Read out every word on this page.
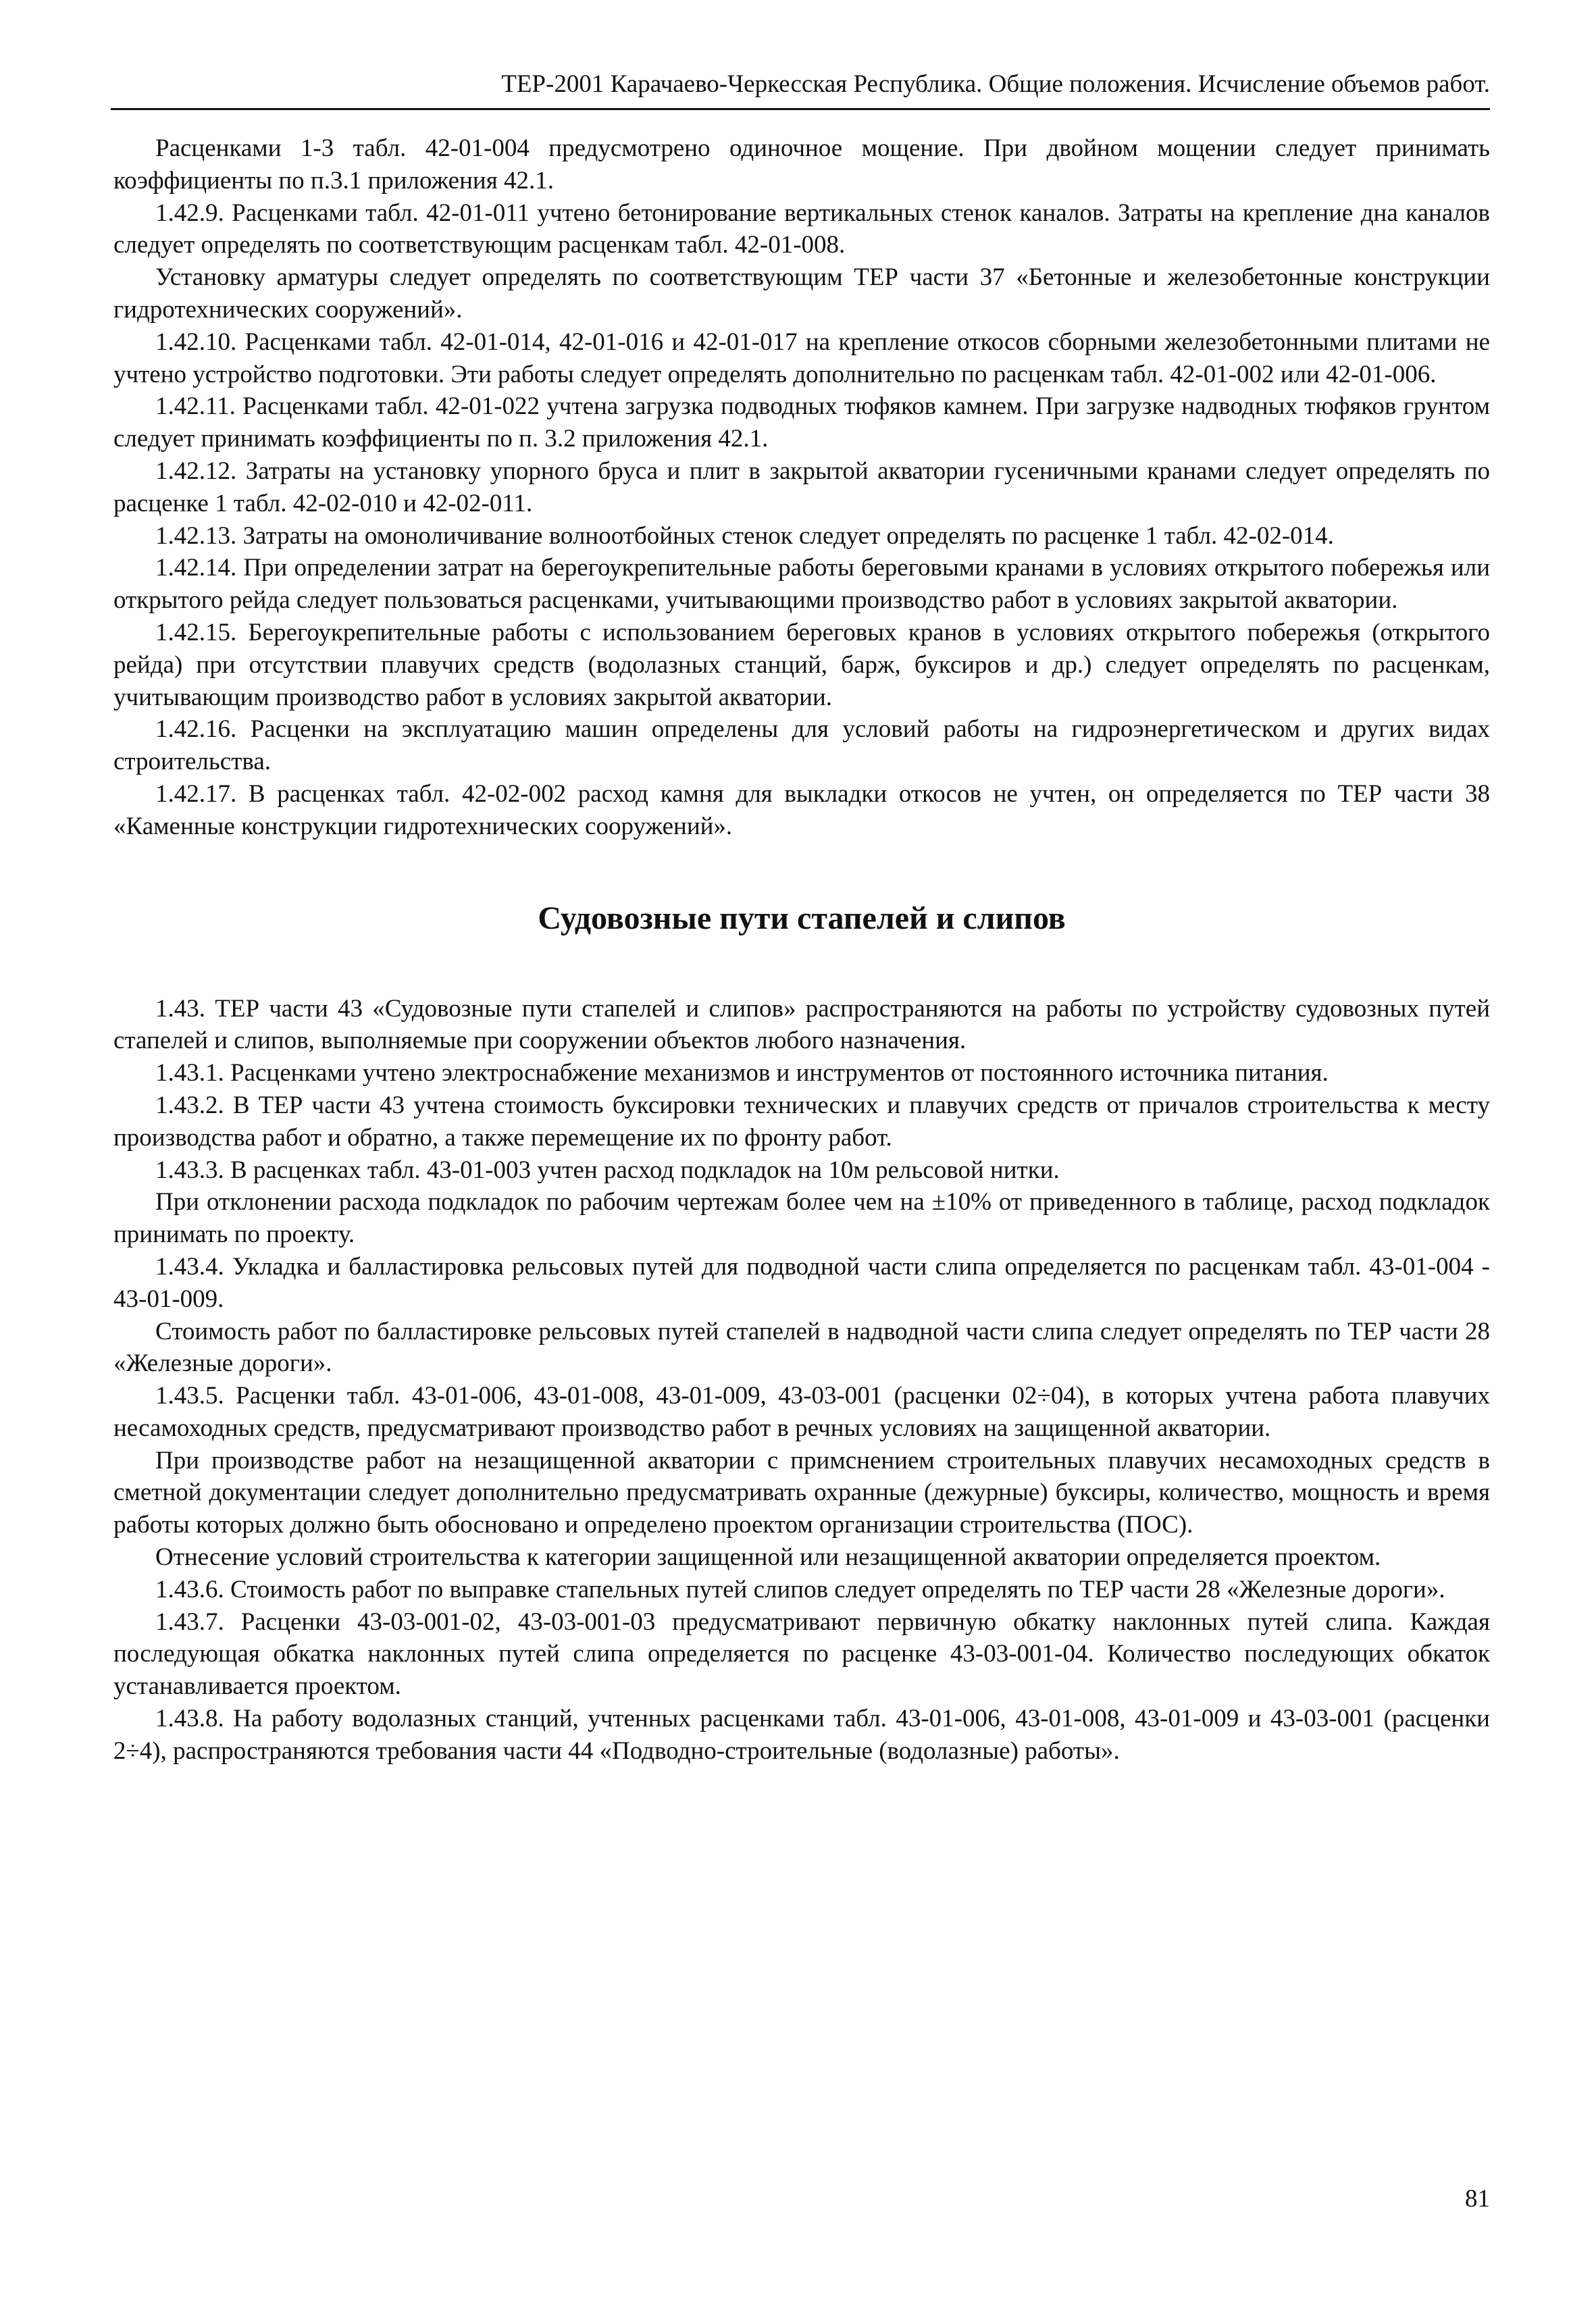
ТЕР-2001 Карачаево-Черкесская Республика. Общие положения. Исчисление объемов работ.

Расценками 1-3 табл. 42-01-004 предусмотрено одиночное мощение. При двойном мощении следует принимать коэффициенты по п.3.1 приложения 42.1.

1.42.9. Расценками табл. 42-01-011 учтено бетонирование вертикальных стенок каналов. Затраты на крепление дна каналов следует определять по соответствующим расценкам табл. 42-01-008.

Установку арматуры следует определять по соответствующим ТЕР части 37 «Бетонные и железобетонные конструкции гидротехнических сооружений».

1.42.10. Расценками табл. 42-01-014, 42-01-016 и 42-01-017 на крепление откосов сборными железобетонными плитами не учтено устройство подготовки. Эти работы следует определять дополнительно по расценкам табл. 42-01-002 или 42-01-006.

1.42.11. Расценками табл. 42-01-022 учтена загрузка подводных тюфяков камнем. При загрузке надводных тюфяков грунтом следует принимать коэффициенты по п. 3.2 приложения 42.1.

1.42.12. Затраты на установку упорного бруса и плит в закрытой акватории гусеничными кранами следует определять по расценке 1 табл. 42-02-010 и 42-02-011.

1.42.13. Затраты на омоноличивание волноотбойных стенок следует определять по расценке 1 табл. 42-02-014.

1.42.14. При определении затрат на берегоукрепительные работы береговыми кранами в условиях открытого побережья или открытого рейда следует пользоваться расценками, учитывающими производство работ в условиях закрытой акватории.

1.42.15. Берегоукрепительные работы с использованием береговых кранов в условиях открытого побережья (открытого рейда) при отсутствии плавучих средств (водолазных станций, барж, буксиров и др.) следует определять по расценкам, учитывающим производство работ в условиях закрытой акватории.

1.42.16. Расценки на эксплуатацию машин определены для условий работы на гидроэнергетическом и других видах строительства.

1.42.17. В расценках табл. 42-02-002 расход камня для выкладки откосов не учтен, он определяется по ТЕР части 38 «Каменные конструкции гидротехнических сооружений».

Судовозные пути стапелей и слипов

1.43. ТЕР части 43 «Судовозные пути стапелей и слипов» распространяются на работы по устройству судовозных путей стапелей и слипов, выполняемые при сооружении объектов любого назначения.

1.43.1. Расценками учтено электроснабжение механизмов и инструментов от постоянного источника питания.

1.43.2. В ТЕР части 43 учтена стоимость буксировки технических и плавучих средств от причалов строительства к месту производства работ и обратно, а также перемещение их по фронту работ.

1.43.3. В расценках табл. 43-01-003 учтен расход подкладок на 10м рельсовой нитки.

При отклонении расхода подкладок по рабочим чертежам более чем на ±10% от приведенного в таблице, расход подкладок принимать по проекту.

1.43.4. Укладка и балластировка рельсовых путей для подводной части слипа определяется по расценкам табл. 43-01-004 - 43-01-009.

Стоимость работ по балластировке рельсовых путей стапелей в надводной части слипа следует определять по ТЕР части 28 «Железные дороги».

1.43.5. Расценки табл. 43-01-006, 43-01-008, 43-01-009, 43-03-001 (расценки 02÷04), в которых учтена работа плавучих несамоходных средств, предусматривают производство работ в речных условиях на защищенной акватории.

При производстве работ на незащищенной акватории с примснением строительных плавучих несамоходных средств в сметной документации следует дополнительно предусматривать охранные (дежурные) буксиры, количество, мощность и время работы которых должно быть обосновано и определено проектом организации строительства (ПОС).

Отнесение условий строительства к категории защищенной или незащищенной акватории определяется проектом.

1.43.6. Стоимость работ по выправке стапельных путей слипов следует определять по ТЕР части 28 «Железные дороги».

1.43.7. Расценки 43-03-001-02, 43-03-001-03 предусматривают первичную обкатку наклонных путей слипа. Каждая последующая обкатка наклонных путей слипа определяется по расценке 43-03-001-04. Количество последующих обкаток устанавливается проектом.

1.43.8. На работу водолазных станций, учтенных расценками табл. 43-01-006, 43-01-008, 43-01-009 и 43-03-001 (расценки 2÷4), распространяются требования части 44 «Подводно-строительные (водолазные) работы».

81
